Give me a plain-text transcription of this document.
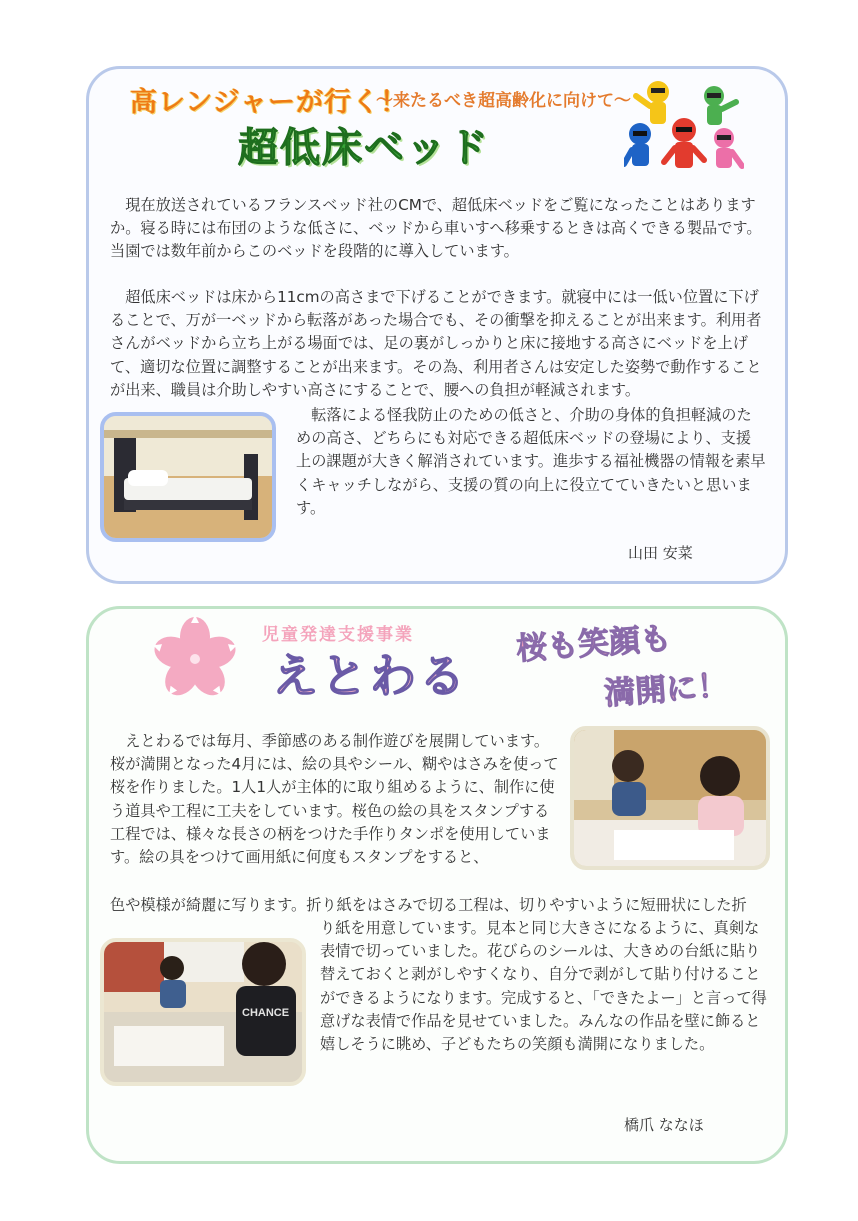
高レンジャーが行く！
～来たるべき超高齢化に向けて～
超低床ベッド

現在放送されているフランスベッド社のCMで、超低床ベッドをご覧になったことはありますか。寝る時には布団のような低さに、ベッドから車いすへ移乗するときは高くできる製品です。当園では数年前からこのベッドを段階的に導入しています。

超低床ベッドは床から11cmの高さまで下げることができます。就寝中には一低い位置に下げることで、万が一ベッドから転落があった場合でも、その衝撃を抑えることが出来ます。利用者さんがベッドから立ち上がる場面では、足の裏がしっかりと床に接地する高さにベッドを上げて、適切な位置に調整することが出来ます。その為、利用者さんは安定した姿勢で動作することが出来、職員は介助しやすい高さにすることで、腰への負担が軽減されます。

転落による怪我防止のための低さと、介助の身体的負担軽減のための高さ、どちらにも対応できる超低床ベッドの登場により、支援上の課題が大きく解消されています。進歩する福祉機器の情報を素早くキャッチしながら、支援の質の向上に役立てていきたいと思います。

山田 安菜
児童発達支援事業
えとわる
桜も笑顔も
満開に！

えとわるでは毎月、季節感のある制作遊びを展開しています。桜が満開となった4月には、絵の具やシール、糊やはさみを使って桜を作りました。1人1人が主体的に取り組めるように、制作に使う道具や工程に工夫をしています。桜色の絵の具をスタンプする工程では、様々な長さの柄をつけた手作りタンポを使用しています。絵の具をつけて画用紙に何度もスタンプをすると、

色や模様が綺麗に写ります。折り紙をはさみで切る工程は、切りやすいように短冊状にした折

CHANCE

り紙を用意しています。見本と同じ大きさになるように、真剣な表情で切っていました。花びらのシールは、大きめの台紙に貼り替えておくと剥がしやすくなり、自分で剥がして貼り付けることができるようになります。完成すると、「できたよー」と言って得意げな表情で作品を見せていました。みんなの作品を壁に飾ると嬉しそうに眺め、子どもたちの笑顔も満開になりました。

橋爪 ななほ
